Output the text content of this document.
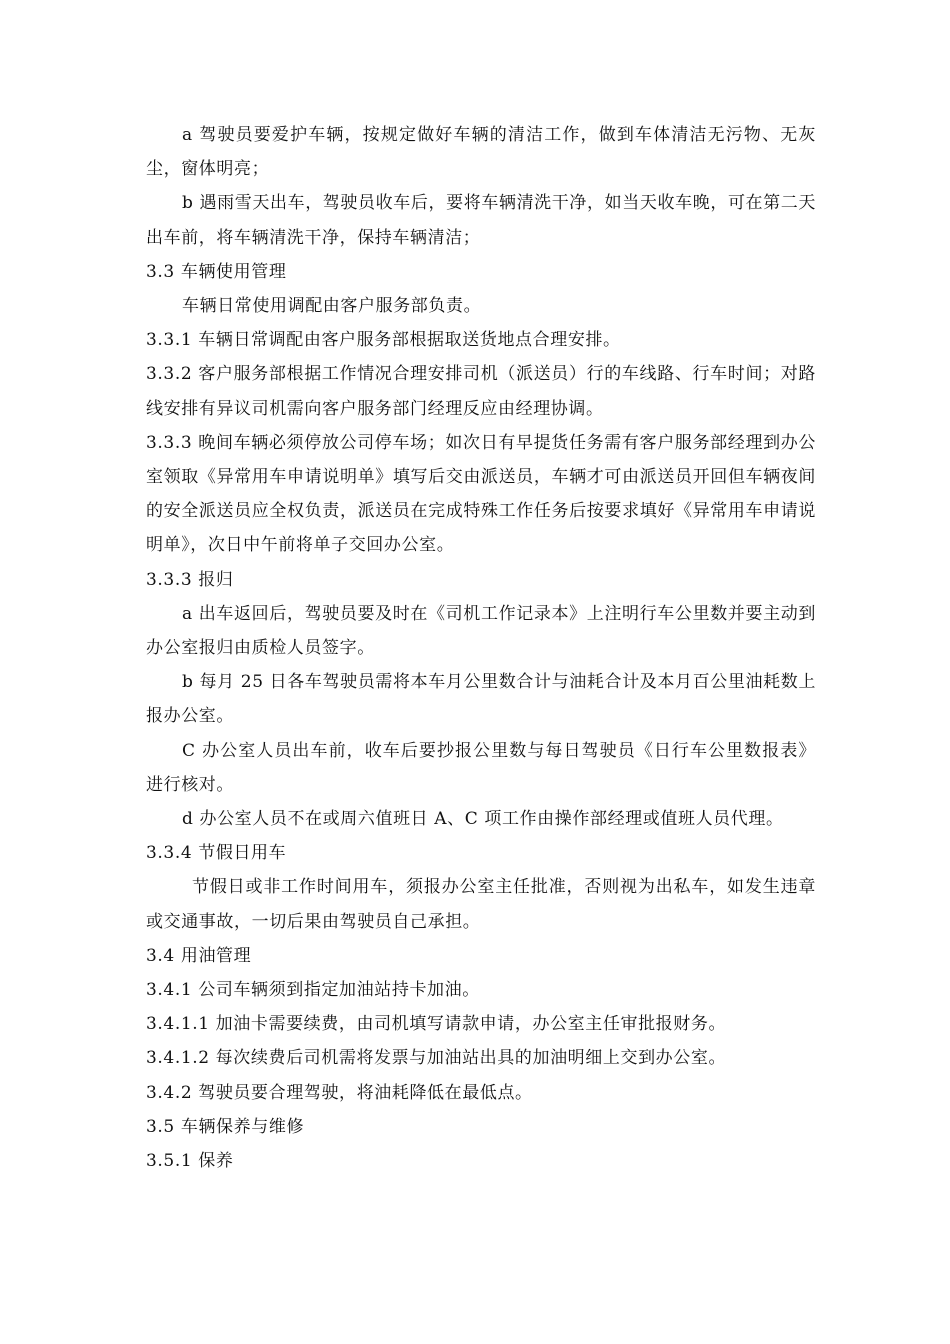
a 驾驶员要爱护车辆，按规定做好车辆的清洁工作，做到车体清洁无污物、无灰尘，窗体明亮；

b 遇雨雪天出车，驾驶员收车后，要将车辆清洗干净，如当天收车晚，可在第二天出车前，将车辆清洗干净，保持车辆清洁；

3.3 车辆使用管理

车辆日常使用调配由客户服务部负责。

3.3.1 车辆日常调配由客户服务部根据取送货地点合理安排。

3.3.2 客户服务部根据工作情况合理安排司机（派送员）行的车线路、行车时间；对路线安排有异议司机需向客户服务部门经理反应由经理协调。

3.3.3 晚间车辆必须停放公司停车场；如次日有早提货任务需有客户服务部经理到办公室领取《异常用车申请说明单》填写后交由派送员，车辆才可由派送员开回但车辆夜间的安全派送员应全权负责，派送员在完成特殊工作任务后按要求填好《异常用车申请说明单》，次日中午前将单子交回办公室。

3.3.3 报归

a 出车返回后，驾驶员要及时在《司机工作记录本》上注明行车公里数并要主动到办公室报归由质检人员签字。

b 每月 25 日各车驾驶员需将本车月公里数合计与油耗合计及本月百公里油耗数上报办公室。

C 办公室人员出车前，收车后要抄报公里数与每日驾驶员《日行车公里数报表》进行核对。

d 办公室人员不在或周六值班日 A、C 项工作由操作部经理或值班人员代理。

3.3.4 节假日用车

节假日或非工作时间用车，须报办公室主任批准，否则视为出私车，如发生违章或交通事故，一切后果由驾驶员自己承担。

3.4 用油管理

3.4.1 公司车辆须到指定加油站持卡加油。

3.4.1.1 加油卡需要续费，由司机填写请款申请，办公室主任审批报财务。

3.4.1.2 每次续费后司机需将发票与加油站出具的加油明细上交到办公室。

3.4.2 驾驶员要合理驾驶，将油耗降低在最低点。

3.5 车辆保养与维修

3.5.1 保养
